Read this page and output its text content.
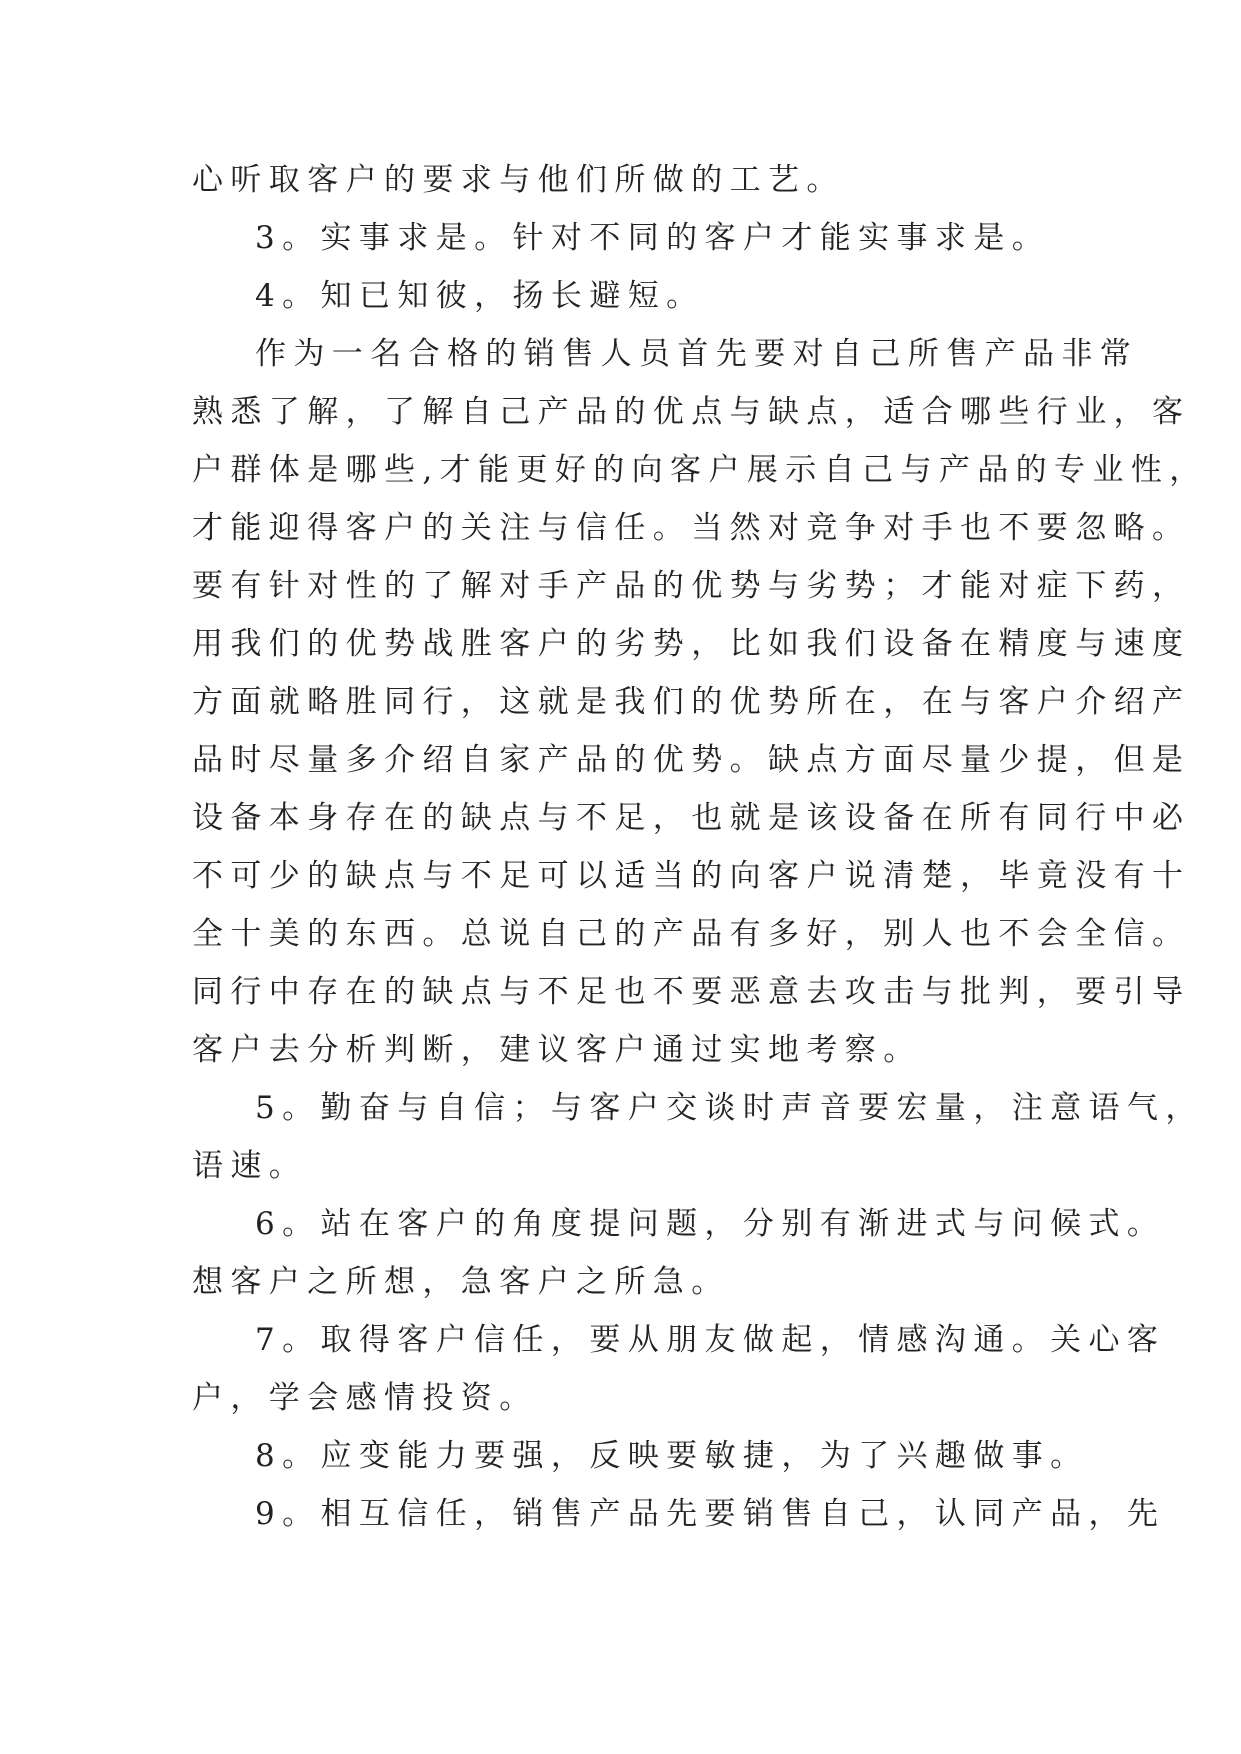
心听取客户的要求与他们所做的工艺。
3。实事求是。针对不同的客户才能实事求是。
4。知已知彼，扬长避短。
作为一名合格的销售人员首先要对自己所售产品非常
熟悉了解，了解自己产品的优点与缺点，适合哪些行业，客
户群体是哪些,才能更好的向客户展示自己与产品的专业性，
才能迎得客户的关注与信任。当然对竞争对手也不要忽略。
要有针对性的了解对手产品的优势与劣势；才能对症下药，
用我们的优势战胜客户的劣势，比如我们设备在精度与速度
方面就略胜同行，这就是我们的优势所在，在与客户介绍产
品时尽量多介绍自家产品的优势。缺点方面尽量少提，但是
设备本身存在的缺点与不足，也就是该设备在所有同行中必
不可少的缺点与不足可以适当的向客户说清楚，毕竟没有十
全十美的东西。总说自己的产品有多好，别人也不会全信。
同行中存在的缺点与不足也不要恶意去攻击与批判，要引导
客户去分析判断，建议客户通过实地考察。
5。勤奋与自信；与客户交谈时声音要宏量，注意语气，
语速。
6。站在客户的角度提问题，分别有渐进式与问候式。
想客户之所想，急客户之所急。
7。取得客户信任，要从朋友做起，情感沟通。关心客
户，学会感情投资。
8。应变能力要强，反映要敏捷，为了兴趣做事。
9。相互信任，销售产品先要销售自己，认同产品，先
